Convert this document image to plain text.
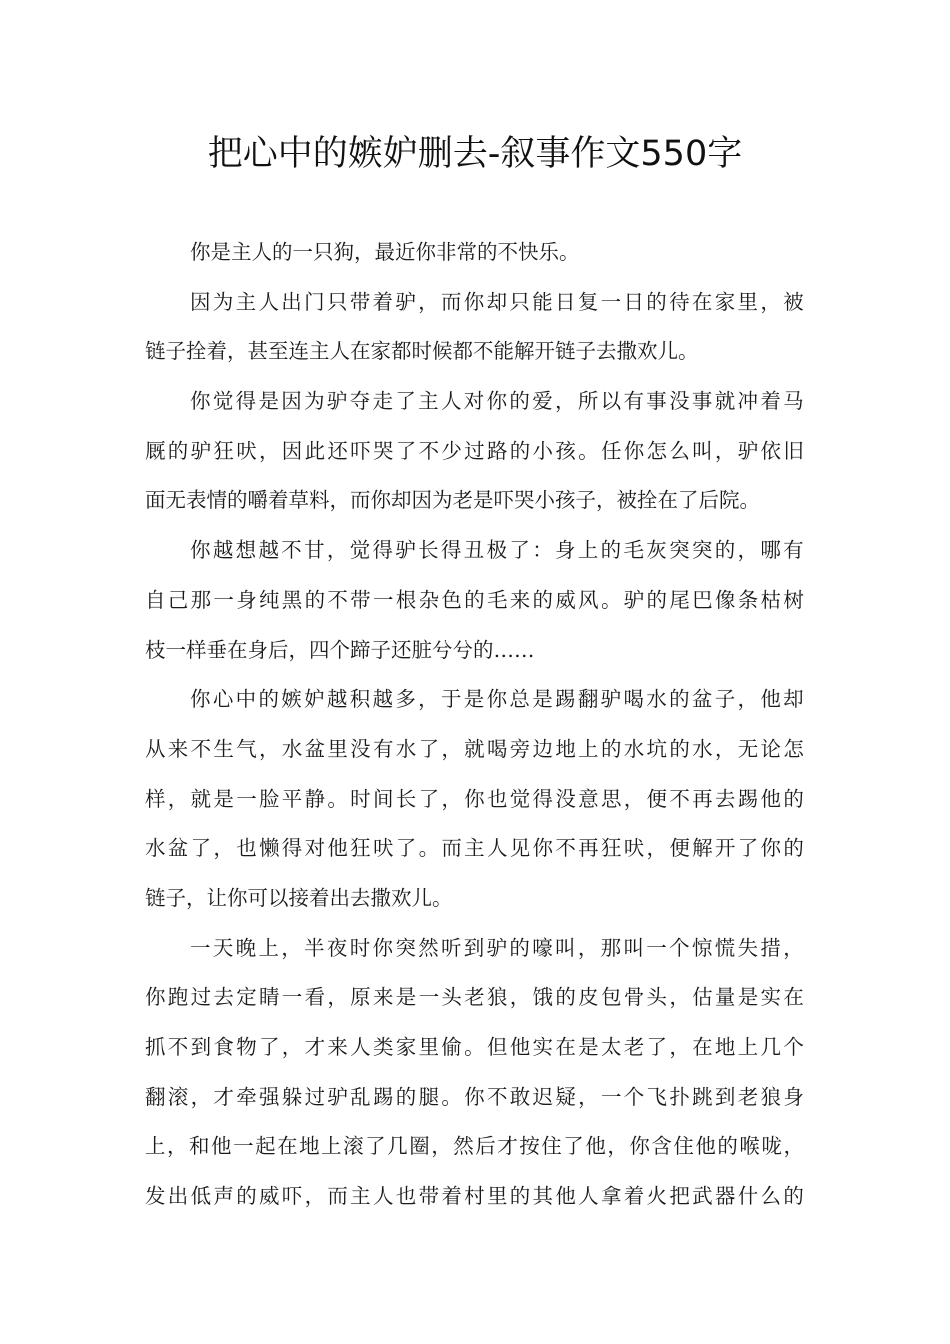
把心中的嫉妒删去-叙事作文550字
你是主人的一只狗，最近你非常的不快乐。
因 为 主 人 出 门 只 带 着 驴 ， 而 你 却 只 能 日 复 一 日 的 待 在 家 里 ， 被
链子拴着，甚至连主人在家都时候都不能解开链子去撒欢儿。
你 觉 得 是 因 为 驴 夺 走 了 主 人 对 你 的 爱 ， 所 以 有 事 没 事 就 冲 着 马
厩 的 驴 狂 吠 ， 因 此 还 吓 哭 了 不 少 过 路 的 小 孩 。 任 你 怎 么 叫 ， 驴 依 旧
面无表情的嚼着草料，而你却因为老是吓哭小孩子，被拴在了后院。
你 越 想 越 不 甘 ， 觉 得 驴 长 得 丑 极 了 ： 身 上 的 毛 灰 突 突 的 ， 哪 有
自 己 那 一 身 纯 黑 的 不 带 一 根 杂 色 的 毛 来 的 威 风 。 驴 的 尾 巴 像 条 枯 树
枝一样垂在身后，四个蹄子还脏兮兮的……
你 心 中 的 嫉 妒 越 积 越 多 ， 于 是 你 总 是 踢 翻 驴 喝 水 的 盆 子 ， 他 却
从 来 不 生 气 ， 水 盆 里 没 有 水 了 ， 就 喝 旁 边 地 上 的 水 坑 的 水 ， 无 论 怎
样 ， 就 是 一 脸 平 静 。 时 间 长 了 ， 你 也 觉 得 没 意 思 ， 便 不 再 去 踢 他 的
水 盆 了 ， 也 懒 得 对 他 狂 吠 了 。 而 主 人 见 你 不 再 狂 吠 ， 便 解 开 了 你 的
链子，让你可以接着出去撒欢儿。
一 天 晚 上 ， 半 夜 时 你 突 然 听 到 驴 的 嚎 叫 ， 那 叫 一 个 惊 慌 失 措 ，
你 跑 过 去 定 睛 一 看 ， 原 来 是 一 头 老 狼 ， 饿 的 皮 包 骨 头 ， 估 量 是 实 在
抓 不 到 食 物 了 ， 才 来 人 类 家 里 偷 。 但 他 实 在 是 太 老 了 ， 在 地 上 几 个
翻 滚 ， 才 牵 强 躲 过 驴 乱 踢 的 腿 。 你 不 敢 迟 疑 ， 一 个 飞 扑 跳 到 老 狼 身
上 ， 和 他 一 起 在 地 上 滚 了 几 圈 ， 然 后 才 按 住 了 他 ， 你 含 住 他 的 喉 咙 ，
发 出 低 声 的 威 吓 ， 而 主 人 也 带 着 村 里 的 其 他 人 拿 着 火 把 武 器 什 么 的
